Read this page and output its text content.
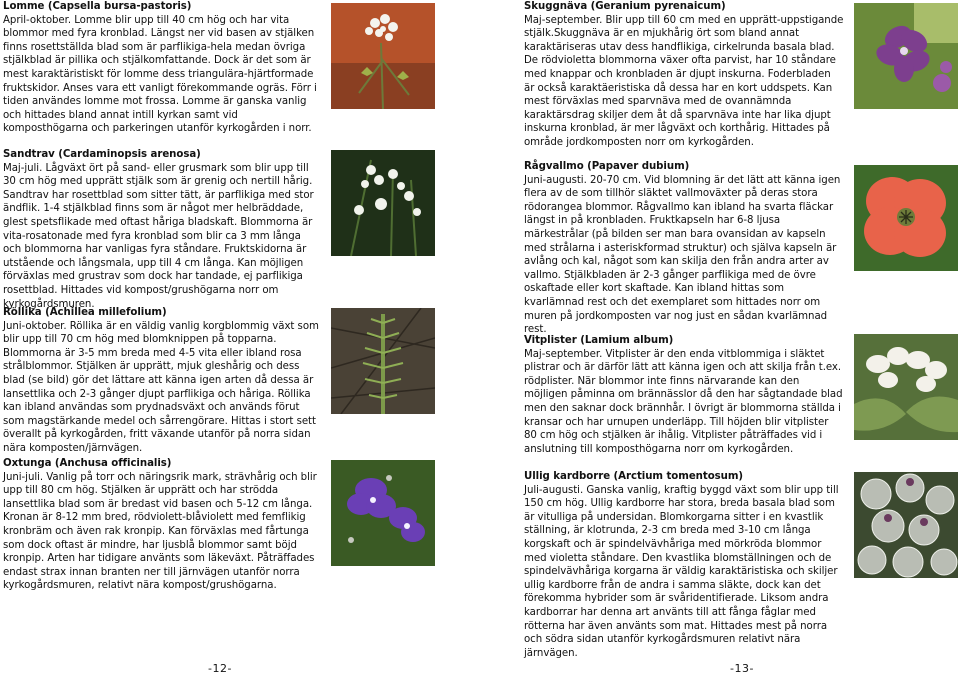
Lomme (Capsella bursa-pastoris)
April-oktober. Lomme blir upp till 40 cm hög och har vita blommor med fyra kronblad. Längst ner vid basen av stjälken finns rosettställda blad som är parflikiga-hela medan övriga stjälkblad är pillika och stjälkomfattande. Dock är det som är mest karaktäristiskt för lomme dess triangulära-hjärtformade fruktskidor. Anses vara ett vanligt förekommande ogräs. Förr i tiden användes lomme mot frossa. Lomme är ganska vanlig och hittades bland annat intill kyrkan samt vid komposthögarna och parkeringen utanför kyrkogården i norr.
Sandtrav (Cardaminopsis arenosa)
Maj-juli. Lågväxt ört på sand- eller grusmark som blir upp till 30 cm hög med upprätt stjälk som är grenig och nertill hårig. Sandtrav har rosettblad som sitter tätt, är parflikiga med stor ändflik. 1-4 stjälkblad finns som är något mer helbräddade, glest spetsflikade med oftast håriga bladskaft. Blommorna är vita-rosatonade med fyra kronblad som blir ca 3 mm långa och blommorna har vanligas fyra ståndare. Fruktskidorna är utstående och långsmala, upp till 4 cm långa. Kan möjligen förväxlas med grustrav som dock har tandade, ej parflikiga rosettblad. Hittades vid kompost/grushögarna norr om kyrkogårdsmuren.
Röllika (Achillea millefolium)
Juni-oktober. Röllika är en väldig vanlig korgblommig växt som blir upp till 70 cm hög med blomknippen på topparna. Blommorna är 3-5 mm breda med 4-5 vita eller ibland rosa strålblommor. Stjälken är upprätt, mjuk gleshårig och dess blad (se bild) gör det lättare att känna igen arten då dessa är lansettlika och 2-3 gånger djupt parflikiga och håriga. Röllika kan ibland användas som prydnadsväxt och används förut som magstärkande medel och sårrengörare. Hittas i stort sett överallt på kyrkogården, fritt växande utanför på norra sidan nära komposten/järnvägen.
Oxtunga (Anchusa officinalis)
Juni-juli. Vanlig på torr och näringsrik mark, strävhårig och blir upp till 80 cm hög. Stjälken är upprätt och har strödda lansettlika blad som är bredast vid basen och 5-12 cm långa. Kronan är 8-12 mm bred, rödviolett-blåviolett med femflikig kronbräm och även rak kronpip. Kan förväxlas med fårtunga som dock oftast är mindre, har ljusblå blommor samt böjd kronpip. Arten har tidigare använts som läkeväxt. Påträffades endast strax innan branten ner till järnvägen utanför norra kyrkogårdsmuren, relativt nära kompost/grushögarna.
-12-
Skuggnäva (Geranium pyrenaicum)
Maj-september. Blir upp till 60 cm med en upprätt-uppstigande stjälk.Skuggnäva är en mjukhårig ört som bland annat karaktäriseras utav dess handflikiga, cirkelrunda basala blad. De rödvioletta blommorna växer ofta parvist, har 10 ståndare med knappar och kronbladen är djupt inskurna. Foderbladen är också karaktäeristiska då dessa har en kort uddspets. Kan mest förväxlas med sparvnäva med de ovannämnda karaktärsdrag skiljer dem åt då sparvnäva inte har lika djupt inskurna kronblad, är mer lågväxt och korthårig. Hittades på område jordkomposten norr om kyrkogården.
Rågvallmo (Papaver dubium)
Juni-augusti. 20-70 cm. Vid blomning är det lätt att känna igen flera av de som tillhör släktet vallmoväxter på deras stora rödorangea blommor. Rågvallmo kan ibland ha svarta fläckar längst in på kronbladen. Fruktkapseln har 6-8 ljusa märkestrålar (på bilden ser man bara ovansidan av kapseln med strålarna i asteriskformad struktur) och själva kapseln är avlång och kal, något som kan skilja den från andra arter av vallmo. Stjälkbladen är 2-3 gånger parflikiga med de övre oskaftade eller kort skaftade. Kan ibland hittas som kvarlämnad rest och det exemplaret som hittades norr om muren på jordkomposten var nog just en sådan kvarlämnad rest.
Vitplister (Lamium album)
Maj-september. Vitplister är den enda vitblommiga i släktet plistrar och är därför lätt att känna igen och att skilja från t.ex. rödplister. När blommor inte finns närvarande kan den möjligen påminna om brännässlor då den har sågtandade blad men den saknar dock brännhår. I övrigt är blommorna ställda i kransar och har urnupen underläpp. Till höjden blir vitplister 80 cm hög och stjälken är ihålig. Vitplister påträffades vid i anslutning till komposthögarna norr om kyrkogården.
Ullig kardborre (Arctium tomentosum)
Juli-augusti. Ganska vanlig, kraftig byggd växt som blir upp till 150 cm hög. Ullig kardborre har stora, breda basala blad som är vitulliga på undersidan. Blomkorgarna sitter i en kvastlik ställning, är klotrunda, 2-3 cm breda med 3-10 cm långa korgskaft och är spindelvävhåriga med mörkröda blommor med violetta ståndare. Den kvastlika blomställningen och de spindelvävhåriga korgarna är väldig karaktäristiska och skiljer ullig kardborre från de andra i samma släkte, dock kan det förekomma hybrider som är svåridentifierade. Liksom andra kardborrar har denna art använts till att fånga fåglar med rötterna har även använts som mat. Hittades mest på norra och södra sidan utanför kyrkogårdsmuren relativt nära järnvägen.
-13-
